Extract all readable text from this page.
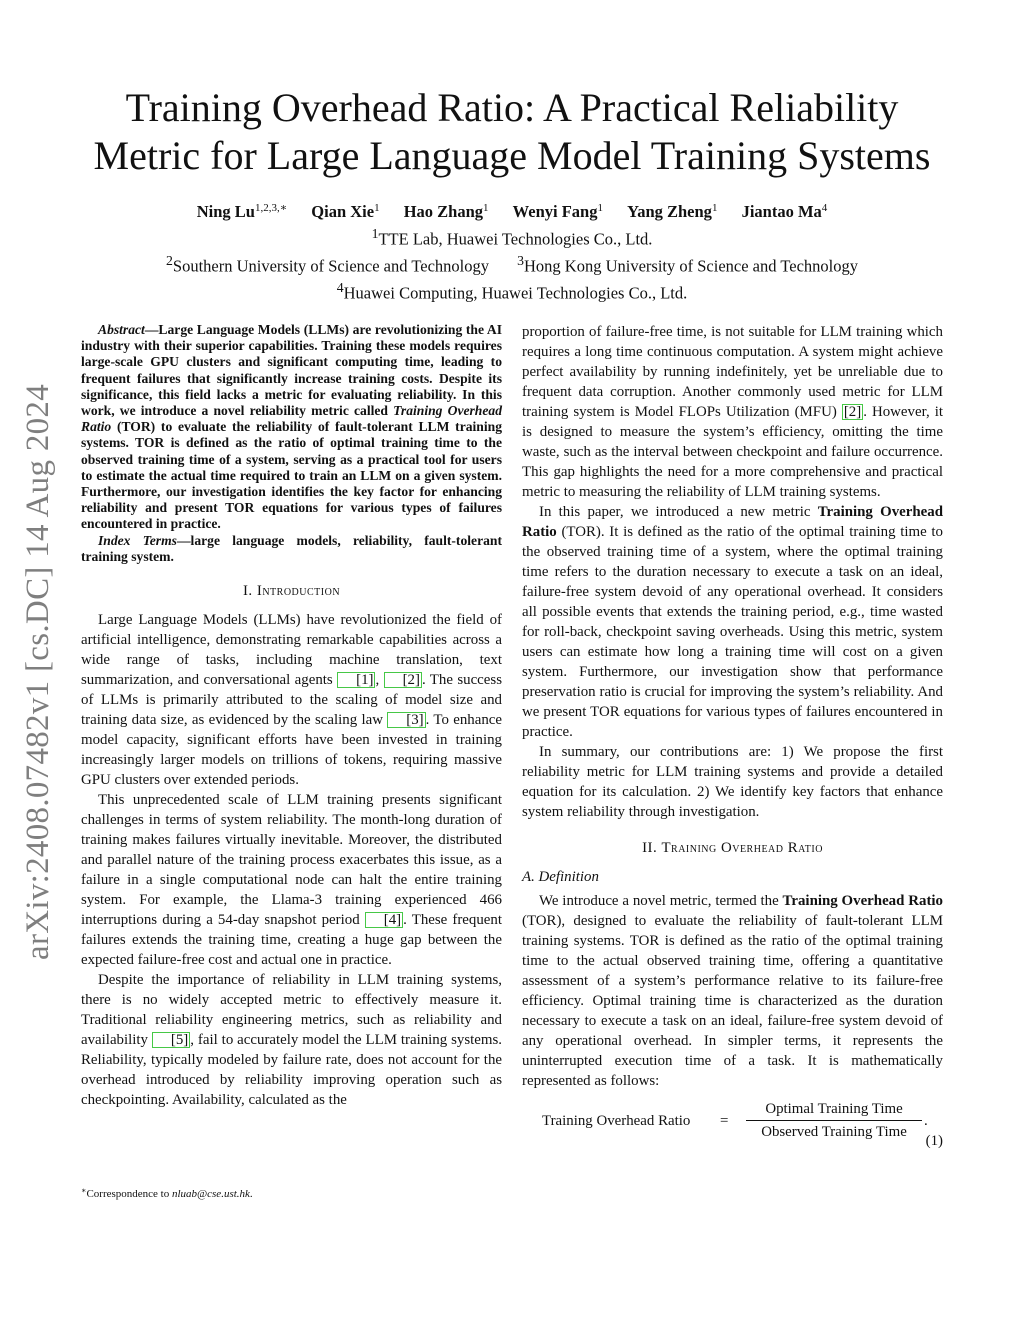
arXiv:2408.07482v1 [cs.DC] 14 Aug 2024
Training Overhead Ratio: A Practical Reliability
Metric for Large Language Model Training Systems
Ning $Lu^{1,2,3,∗}$ Qian Xie$^1$ Hao Zhang$^1$ Wenyi Fang$^1$ Yang Zheng$^1$ Jiantao Ma$^4$
$^1$TTE Lab, Huawei Technologies Co., Ltd.
$^2$Southern University of Science and Technology $^3$Hong Kong University of Science and Technology
$^4$Huawei Computing, Huawei Technologies Co., Ltd.

Abstract—Large Language Models (LLMs) are revolutionizing the AI industry with their superior capabilities. Training these models requires large-scale GPU clusters and significant computing time, leading to frequent failures that significantly increase training costs. Despite its significance, this field lacks a metric for evaluating reliability. In this work, we introduce a novel reliability metric called Training Overhead Ratio (TOR) to evaluate the reliability of fault-tolerant LLM training systems. TOR is defined as the ratio of optimal training time to the observed training time of a system, serving as a practical tool for users to estimate the actual time required to train an LLM on a given system. Furthermore, our investigation identifies the key factor for enhancing reliability and present TOR equations for various types of failures encountered in practice.

Index Terms—large language models, reliability, fault-tolerant training system.

I. Introduction

Large Language Models (LLMs) have revolutionized the field of artificial intelligence, demonstrating remarkable capabilities across a wide range of tasks, including machine translation, text summarization, and conversational agents [1] , [2] . The success of LLMs is primarily attributed to the scaling of model size and training data size, as evidenced by the scaling law [3] . To enhance model capacity, significant efforts have been invested in training increasingly larger models on trillions of tokens, requiring massive GPU clusters over extended periods.

This unprecedented scale of LLM training presents significant challenges in terms of system reliability. The month-long duration of training makes failures virtually inevitable. Moreover, the distributed and parallel nature of the training process exacerbates this issue, as a failure in a single computational node can halt the entire training system. For example, the Llama-3 training experienced 466 interruptions during a 54-day snapshot period [4] . These frequent failures extends the training time, creating a huge gap between the expected failure-free cost and actual one in practice.

Despite the importance of reliability in LLM training systems, there is no widely accepted metric to effectively measure it. Traditional reliability engineering metrics, such as reliability and availability [5] , fail to accurately model the LLM training systems. Reliability, typically modeled by failure rate, does not account for the overhead introduced by reliability improving operation such as checkpointing. Availability, calculated as the

proportion of failure-free time, is not suitable for LLM training which requires a long time continuous computation. A system might achieve perfect availability by running indefinitely, yet be unreliable due to frequent data corruption. Another commonly used metric for LLM training system is Model FLOPs Utilization (MFU) [2] . However, it is designed to measure the system’s efficiency, omitting the time waste, such as the interval between checkpoint and failure occurrence. This gap highlights the need for a more comprehensive and practical metric to measuring the reliability of LLM training systems.

In this paper, we introduced a new metric Training Overhead Ratio (TOR). It is defined as the ratio of the optimal training time to the observed training time of a system, where the optimal training time refers to the duration necessary to execute a task on an ideal, failure-free system devoid of any operational overhead. It considers all possible events that extends the training period, e.g., time wasted for roll-back, checkpoint saving overheads. Using this metric, system users can estimate how long a training time will cost on a given system. Furthermore, our investigation show that performance preservation ratio is crucial for improving the system’s reliability. And we present TOR equations for various types of failures encountered in practice.

In summary, our contributions are: 1) We propose the first reliability metric for LLM training systems and provide a detailed equation for its calculation. 2) We identify key factors that enhance system reliability through investigation.

II. Training Overhead Ratio
A. Definition

We introduce a novel metric, termed the Training Overhead Ratio (TOR), designed to evaluate the reliability of fault-tolerant LLM training systems. TOR is defined as the ratio of the optimal training time to the actual observed training time, offering a quantitative assessment of a system’s performance relative to its failure-free efficiency. Optimal training time is characterized as the duration necessary to execute a task on an ideal, failure-free system devoid of any operational overhead. In simpler terms, it represents the uninterrupted execution time of a task. It is mathematically represented as follows:

Training Overhead Ratio =
Optimal Training Time
Observed Training Time
.
(1)
∗Correspondence to nluab@cse.ust.hk.
